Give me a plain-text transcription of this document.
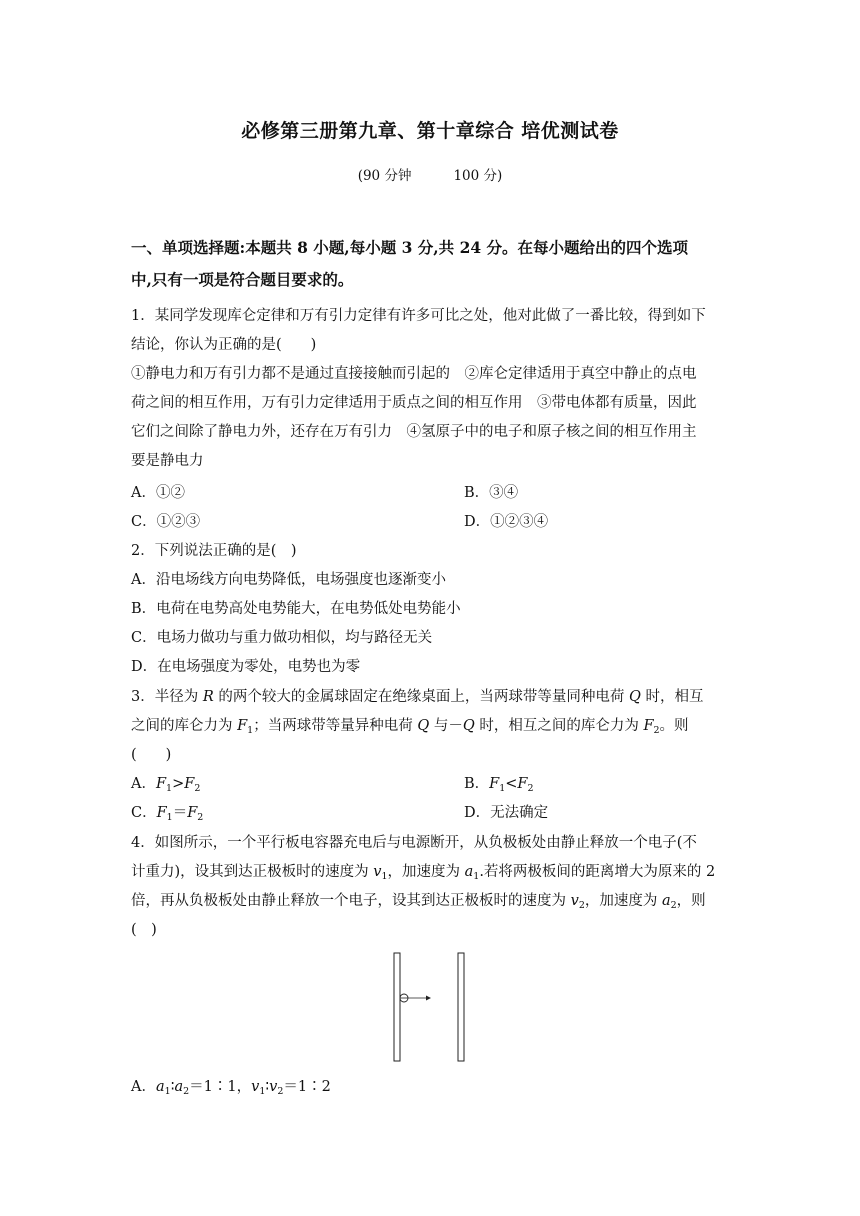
必修第三册第九章、第十章综合 培优测试卷
(90 分钟	100 分)
一、单项选择题:本题共 8 小题,每小题 3 分,共 24 分。在每小题给出的四个选项
中,只有一项是符合题目要求的。
1．某同学发现库仑定律和万有引力定律有许多可比之处，他对此做了一番比较，得到如下
结论，你认为正确的是(　　)
①静电力和万有引力都不是通过直接接触而引起的　②库仑定律适用于真空中静止的点电
荷之间的相互作用，万有引力定律适用于质点之间的相互作用　③带电体都有质量，因此
它们之间除了静电力外，还存在万有引力　④氢原子中的电子和原子核之间的相互作用主
要是静电力
A．①②	B．③④
C．①②③	D．①②③④
2．下列说法正确的是(　)
A．沿电场线方向电势降低，电场强度也逐渐变小
B．电荷在电势高处电势能大，在电势低处电势能小
C．电场力做功与重力做功相似，均与路径无关
D．在电场强度为零处，电势也为零
3．半径为 R 的两个较大的金属球固定在绝缘桌面上，当两球带等量同种电荷 Q 时，相互
之间的库仑力为 $F_1$；当两球带等量异种电荷 Q 与－Q 时，相互之间的库仑力为 $F_2$。则
(　　)
A．$F_1>F_2$	B．$F_1<F_2$
C．$F_1=F_2$	D．无法确定
4．如图所示，一个平行板电容器充电后与电源断开，从负极板处由静止释放一个电子(不
计重力)，设其到达正极板时的速度为 $v_1$，加速度为 $a_1$.若将两极板间的距离增大为原来的 2
倍，再从负极板处由静止释放一个电子，设其到达正极板时的速度为 $v_2$，加速度为 $a_2$，则
(　)
A．$a_1∶a_2=1∶1$，$v_1∶v_2=1∶2$
